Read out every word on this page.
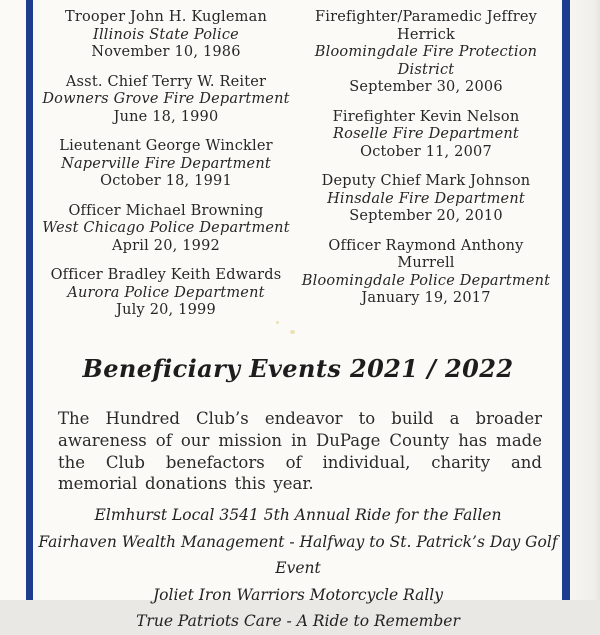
Trooper John H. Kugleman
Illinois State Police
November 10, 1986
Asst. Chief Terry W. Reiter
Downers Grove Fire Department
June 18, 1990
Lieutenant George Winckler
Naperville Fire Department
October 18, 1991
Officer Michael Browning
West Chicago Police Department
April 20, 1992
Officer Bradley Keith Edwards
Aurora Police Department
July 20, 1999
Firefighter/Paramedic Jeffrey Herrick
Bloomingdale Fire Protection District
September 30, 2006
Firefighter Kevin Nelson
Roselle Fire Department
October 11, 2007
Deputy Chief Mark Johnson
Hinsdale Fire Department
September 20, 2010
Officer Raymond Anthony Murrell
Bloomingdale Police Department
January 19, 2017
Beneficiary Events 2021 / 2022
The Hundred Club’s endeavor to build a broader awareness of our mission in DuPage County has made the Club benefactors of individual, charity and memorial donations this year.
Elmhurst Local 3541 5th Annual Ride for the Fallen
Fairhaven Wealth Management - Halfway to St. Patrick’s Day Golf Event
Joliet Iron Warriors Motorcycle Rally
True Patriots Care - A Ride to Remember
